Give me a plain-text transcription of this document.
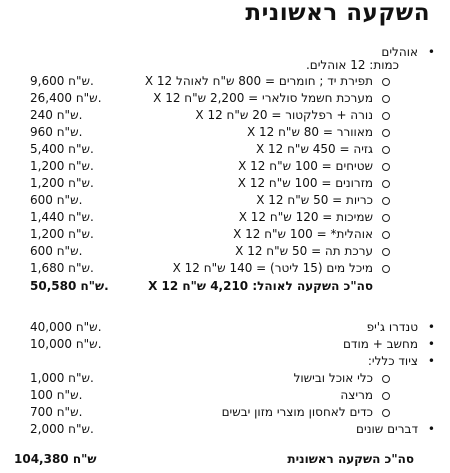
השקעה ראשונית
•
אוהלים
כמות: 12 אוהלים.
תפירת יד ; חומרים = 800 ש"ח לאוהל X 12
9,600 ש"ח.
מערכת חשמל סולארי = 2,200 ש"ח X 12
26,400 ש"ח.
נורה + רפלקטור = 20 ש"ח X 12
240 ש"ח.
מאוורר = 80 ש"ח X 12
960 ש"ח.
גזיה = 450 ש"ח X 12
5,400 ש"ח.
שטיחים = 100 ש"ח X 12
1,200 ש"ח.
מזרונים = 100 ש"ח X 12
1,200 ש"ח.
כריות = 50 ש"ח X 12
600 ש"ח.
שמיכות = 120 ש"ח X 12
1,440 ש"ח.
אוהלית* = 100 ש"ח X 12
1,200 ש"ח.
ערכת תה = 50 ש"ח X 12
600 ש"ח.
מיכל מים (15 ליטר) = 140 ש"ח X 12
1,680 ש"ח.
סה"כ השקעה לאוהל: 4,210 ש"ח X 12
50,580 ש"ח.
•
טנדרו ג'יפ
40,000 ש"ח.
•
מחשב + מודם
10,000 ש"ח.
•
ציוד כללי:
כלי אוכל ובישול
1,000 ש"ח.
מריצה
100 ש"ח.
כדים לאחסון מוצרי מזון יבשים
700 ש"ח.
•
דברים שונים
2,000 ש"ח.
סה"כ השקעה ראשונית
104,380 ש"ח
